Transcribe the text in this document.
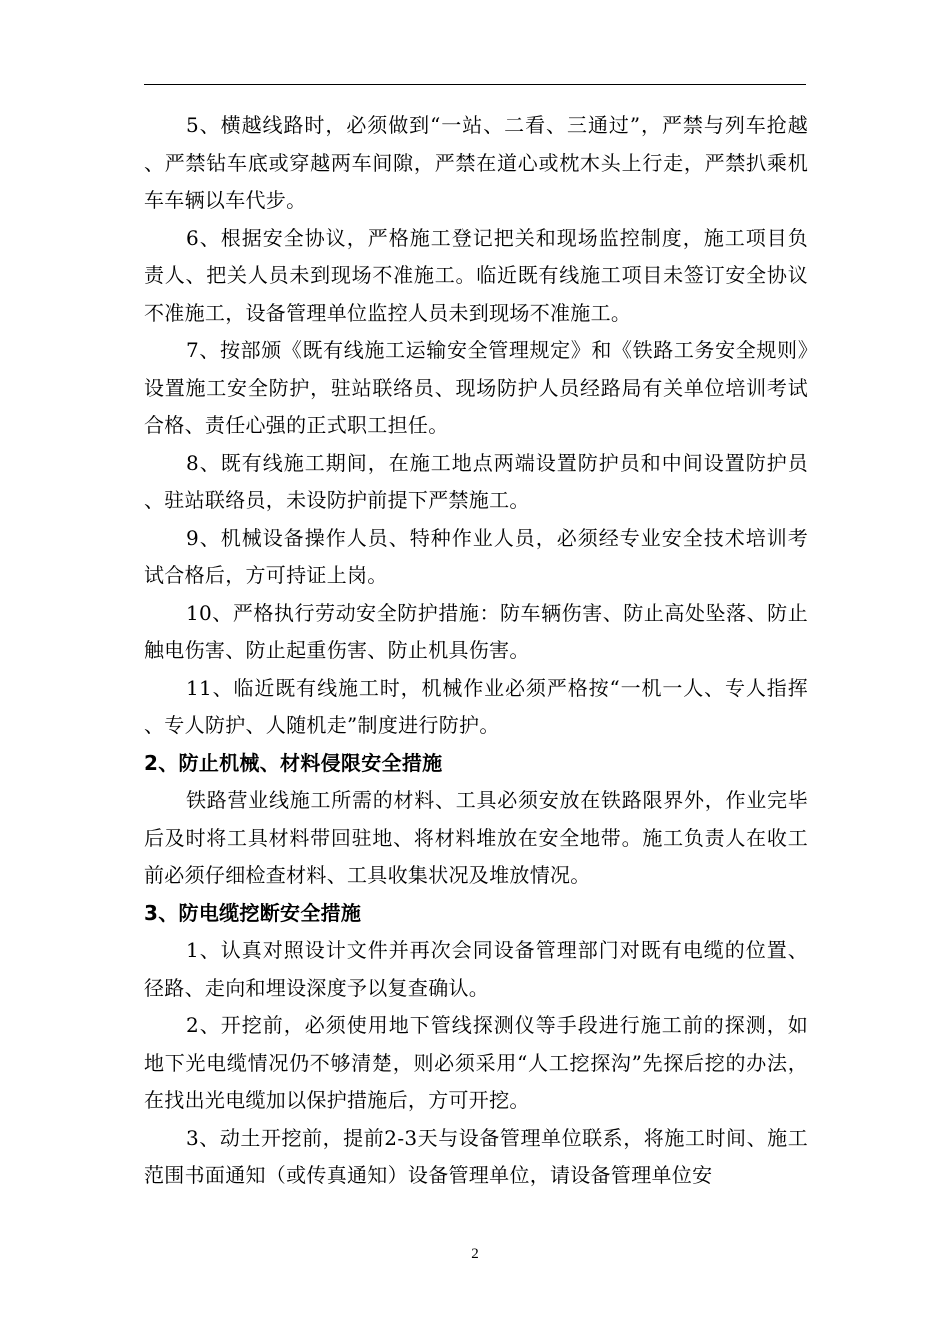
5、横越线路时，必须做到“一站、二看、三通过”，严禁与列车抢越、严禁钻车底或穿越两车间隙，严禁在道心或枕木头上行走，严禁扒乘机车车辆以车代步。

6、根据安全协议，严格施工登记把关和现场监控制度，施工项目负责人、把关人员未到现场不准施工。临近既有线施工项目未签订安全协议不准施工，设备管理单位监控人员未到现场不准施工。

7、按部颁《既有线施工运输安全管理规定》和《铁路工务安全规则》设置施工安全防护，驻站联络员、现场防护人员经路局有关单位培训考试合格、责任心强的正式职工担任。

8、既有线施工期间，在施工地点两端设置防护员和中间设置防护员、驻站联络员，未设防护前提下严禁施工。

9、机械设备操作人员、特种作业人员，必须经专业安全技术培训考试合格后，方可持证上岗。

10、严格执行劳动安全防护措施：防车辆伤害、防止高处坠落、防止触电伤害、防止起重伤害、防止机具伤害。

11、临近既有线施工时，机械作业必须严格按“一机一人、专人指挥、专人防护、人随机走”制度进行防护。

2、防止机械、材料侵限安全措施

铁路营业线施工所需的材料、工具必须安放在铁路限界外，作业完毕后及时将工具材料带回驻地、将材料堆放在安全地带。施工负责人在收工前必须仔细检查材料、工具收集状况及堆放情况。

3、防电缆挖断安全措施

1、认真对照设计文件并再次会同设备管理部门对既有电缆的位置、径路、走向和埋设深度予以复查确认。

2、开挖前，必须使用地下管线探测仪等手段进行施工前的探测，如地下光电缆情况仍不够清楚，则必须采用“人工挖探沟”先探后挖的办法，在找出光电缆加以保护措施后，方可开挖。

3、动土开挖前，提前2-3天与设备管理单位联系，将施工时间、施工范围书面通知（或传真通知）设备管理单位，请设备管理单位安

2
